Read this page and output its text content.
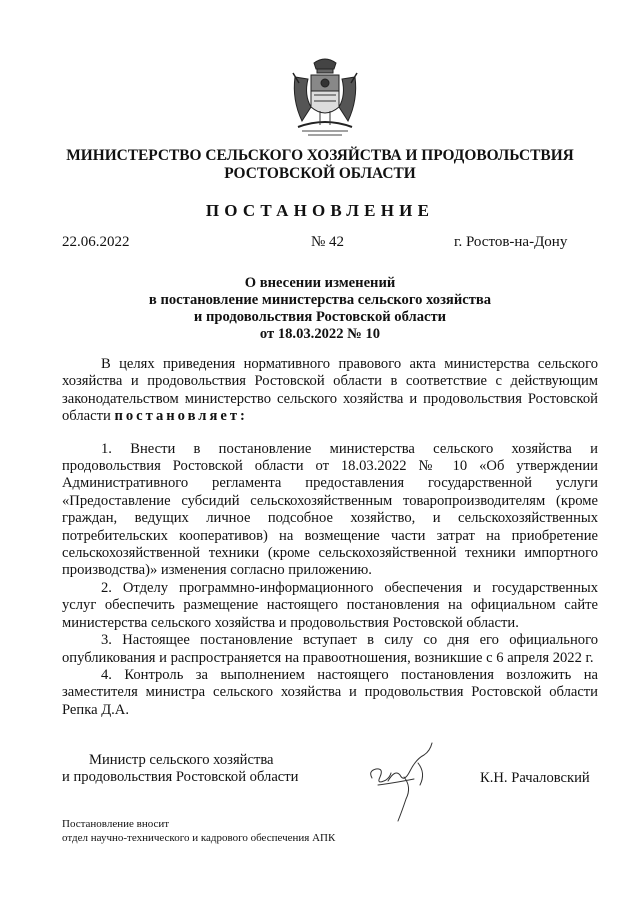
МИНИСТЕРСТВО СЕЛЬСКОГО ХОЗЯЙСТВА И ПРОДОВОЛЬСТВИЯ
РОСТОВСКОЙ ОБЛАСТИ
ПОСТАНОВЛЕНИЕ
22.06.2022	№ 42	г. Ростов-на-Дону
О внесении изменений
в постановление министерства сельского хозяйства
и продовольствия Ростовской области
от 18.03.2022 № 10

В целях приведения нормативного правового акта министерства сельского хозяйства и продовольствия Ростовской области в соответствие с действующим законодательством министерство сельского хозяйства и продовольствия Ростовской области постановляет:

1. Внести в постановление министерства сельского хозяйства и продовольствия Ростовской области от 18.03.2022 № 10 «Об утверждении Административного регламента предоставления государственной услуги «Предоставление субсидий сельскохозяйственным товаропроизводителям (кроме граждан, ведущих личное подсобное хозяйство, и сельскохозяйственных потребительских кооперативов) на возмещение части затрат на приобретение сельскохозяйственной техники (кроме сельскохозяйственной техники импортного производства)» изменения согласно приложению.

2. Отделу программно-информационного обеспечения и государственных услуг обеспечить размещение настоящего постановления на официальном сайте министерства сельского хозяйства и продовольствия Ростовской области.

3. Настоящее постановление вступает в силу со дня его официального опубликования и распространяется на правоотношения, возникшие с 6 апреля 2022 г.

4. Контроль за выполнением настоящего постановления возложить на заместителя министра сельского хозяйства и продовольствия Ростовской области Репка Д.А.

Министр сельского хозяйства
и продовольствия Ростовской области	К.Н. Рачаловский
Постановление вносит
отдел научно-технического и кадрового обеспечения АПК
